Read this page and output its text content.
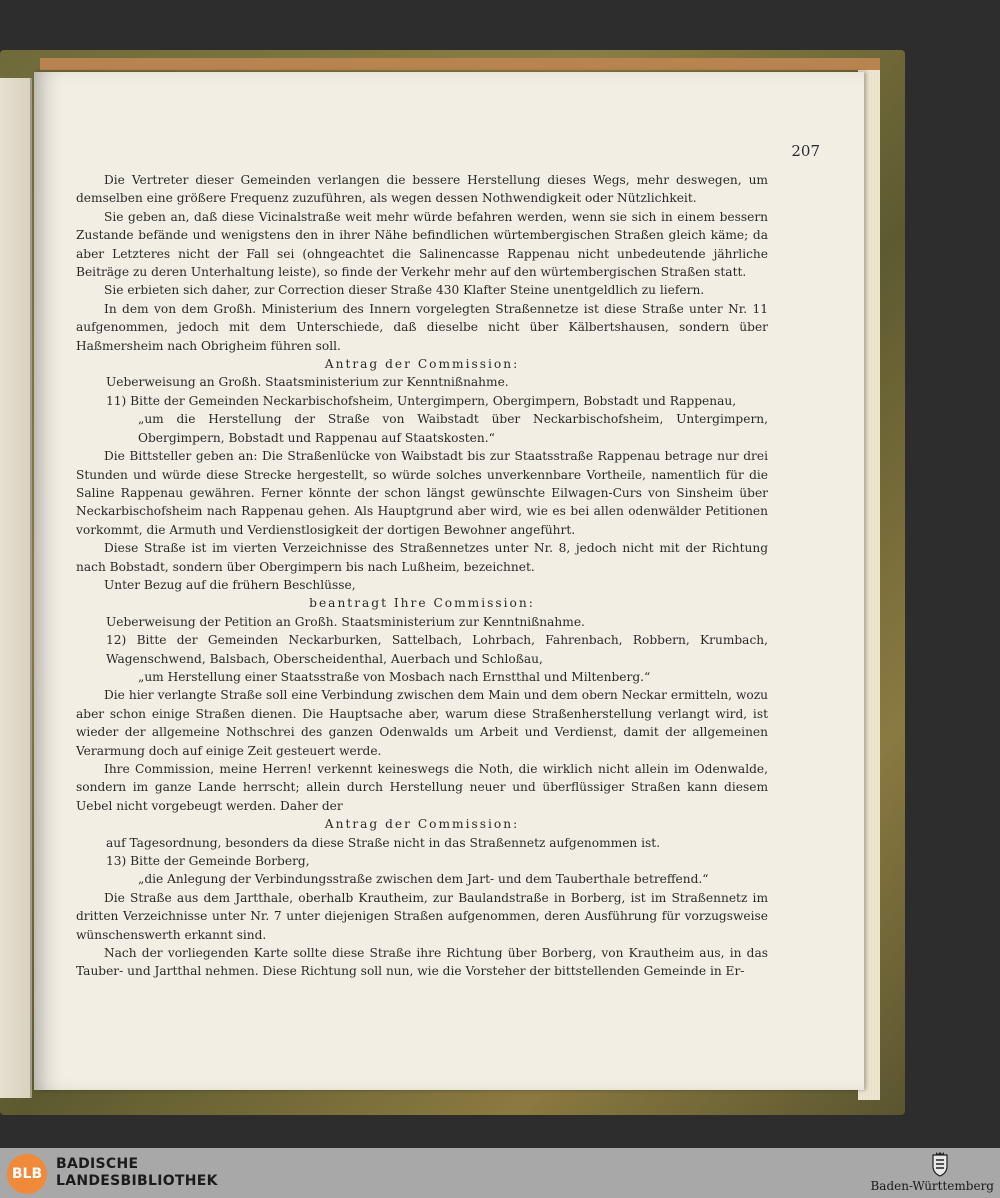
207

Die Vertreter dieser Gemeinden verlangen die bessere Herstellung dieses Wegs, mehr deswegen, um demselben eine größere Frequenz zuzuführen, als wegen dessen Nothwendigkeit oder Nützlichkeit.

Sie geben an, daß diese Vicinalstraße weit mehr würde befahren werden, wenn sie sich in einem bessern Zustande befände und wenigstens den in ihrer Nähe befindlichen würtembergischen Straßen gleich käme; da aber Letzteres nicht der Fall sei (ohngeachtet die Salinencasse Rappenau nicht unbedeutende jährliche Beiträge zu deren Unterhaltung leiste), so finde der Verkehr mehr auf den würtembergischen Straßen statt.

Sie erbieten sich daher, zur Correction dieser Straße 430 Klafter Steine unentgeldlich zu liefern.

In dem von dem Großh. Ministerium des Innern vorgelegten Straßennetze ist diese Straße unter Nr. 11 aufgenommen, jedoch mit dem Unterschiede, daß dieselbe nicht über Kälbertshausen, sondern über Haßmersheim nach Obrigheim führen soll.

Antrag der Commission:

Ueberweisung an Großh. Staatsministerium zur Kenntnißnahme.

11) Bitte der Gemeinden Neckarbischofsheim, Untergimpern, Obergimpern, Bobstadt und Rappenau,

„um die Herstellung der Straße von Waibstadt über Neckarbischofsheim, Untergimpern, Obergimpern, Bobstadt und Rappenau auf Staatskosten.“

Die Bittsteller geben an: Die Straßenlücke von Waibstadt bis zur Staatsstraße Rappenau betrage nur drei Stunden und würde diese Strecke hergestellt, so würde solches unverkennbare Vortheile, namentlich für die Saline Rappenau gewähren. Ferner könnte der schon längst gewünschte Eilwagen-Curs von Sinsheim über Neckarbischofsheim nach Rappenau gehen. Als Hauptgrund aber wird, wie es bei allen odenwälder Petitionen vorkommt, die Armuth und Verdienstlosigkeit der dortigen Bewohner angeführt.

Diese Straße ist im vierten Verzeichnisse des Straßennetzes unter Nr. 8, jedoch nicht mit der Richtung nach Bobstadt, sondern über Obergimpern bis nach Lußheim, bezeichnet.

Unter Bezug auf die frühern Beschlüsse,

beantragt Ihre Commission:

Ueberweisung der Petition an Großh. Staatsministerium zur Kenntnißnahme.

12) Bitte der Gemeinden Neckarburken, Sattelbach, Lohrbach, Fahrenbach, Robbern, Krumbach, Wagenschwend, Balsbach, Oberscheidenthal, Auerbach und Schloßau,

„um Herstellung einer Staatsstraße von Mosbach nach Ernstthal und Miltenberg.“

Die hier verlangte Straße soll eine Verbindung zwischen dem Main und dem obern Neckar ermitteln, wozu aber schon einige Straßen dienen. Die Hauptsache aber, warum diese Straßenherstellung verlangt wird, ist wieder der allgemeine Nothschrei des ganzen Odenwalds um Arbeit und Verdienst, damit der allgemeinen Verarmung doch auf einige Zeit gesteuert werde.

Ihre Commission, meine Herren! verkennt keineswegs die Noth, die wirklich nicht allein im Odenwalde, sondern im ganze Lande herrscht; allein durch Herstellung neuer und überflüssiger Straßen kann diesem Uebel nicht vorgebeugt werden. Daher der

Antrag der Commission:

auf Tagesordnung, besonders da diese Straße nicht in das Straßennetz aufgenommen ist.

13) Bitte der Gemeinde Borberg,

„die Anlegung der Verbindungsstraße zwischen dem Jart- und dem Tauberthale betreffend.“

Die Straße aus dem Jartthale, oberhalb Krautheim, zur Baulandstraße in Borberg, ist im Straßennetz im dritten Verzeichnisse unter Nr. 7 unter diejenigen Straßen aufgenommen, deren Ausführung für vorzugsweise wünschenswerth erkannt sind.

Nach der vorliegenden Karte sollte diese Straße ihre Richtung über Borberg, von Krautheim aus, in das Tauber- und Jartthal nehmen. Diese Richtung soll nun, wie die Vorsteher der bittstellenden Gemeinde in Er-

BLB
BADISCHE
LANDESBIBLIOTHEK	Baden-Württemberg
